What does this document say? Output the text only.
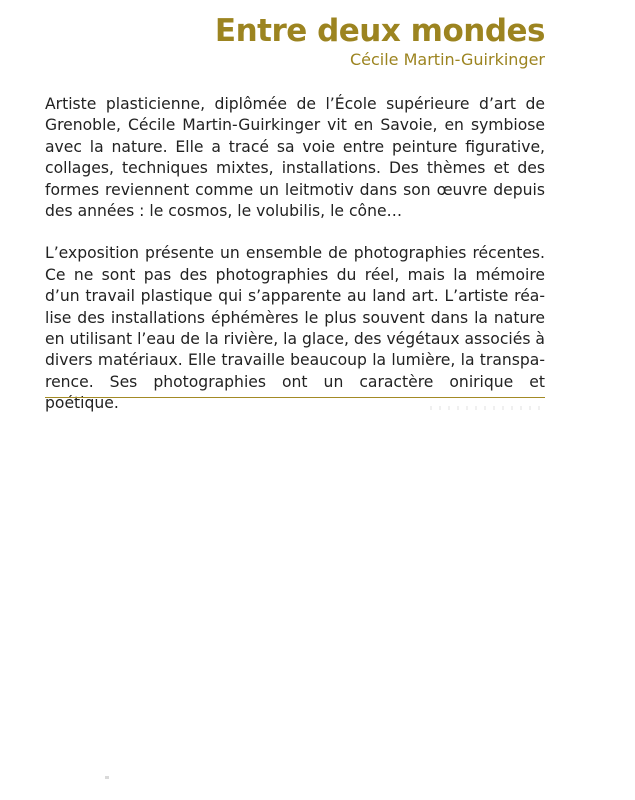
Entre deux mondes

Cécile Martin-Guirkinger

Artiste plasticienne, diplômée de l’École supérieure d’art de Grenoble, Cécile Martin-Guirkinger vit en Savoie, en symbiose avec la nature. Elle a tracé sa voie entre peinture figurative, collages, techniques mixtes, installations. Des thèmes et des formes reviennent comme un leitmotiv dans son œuvre depuis des années : le cosmos, le volubilis, le cône…

L’exposition présente un ensemble de photographies récentes. Ce ne sont pas des photographies du réel, mais la mémoire d’un travail plastique qui s’apparente au land art. L’artiste réalise des installations éphémères le plus souvent dans la nature en utilisant l’eau de la rivière, la glace, des végétaux associés à divers matériaux. Elle travaille beaucoup la lumière, la transparence. Ses photographies ont un caractère onirique et poétique.
